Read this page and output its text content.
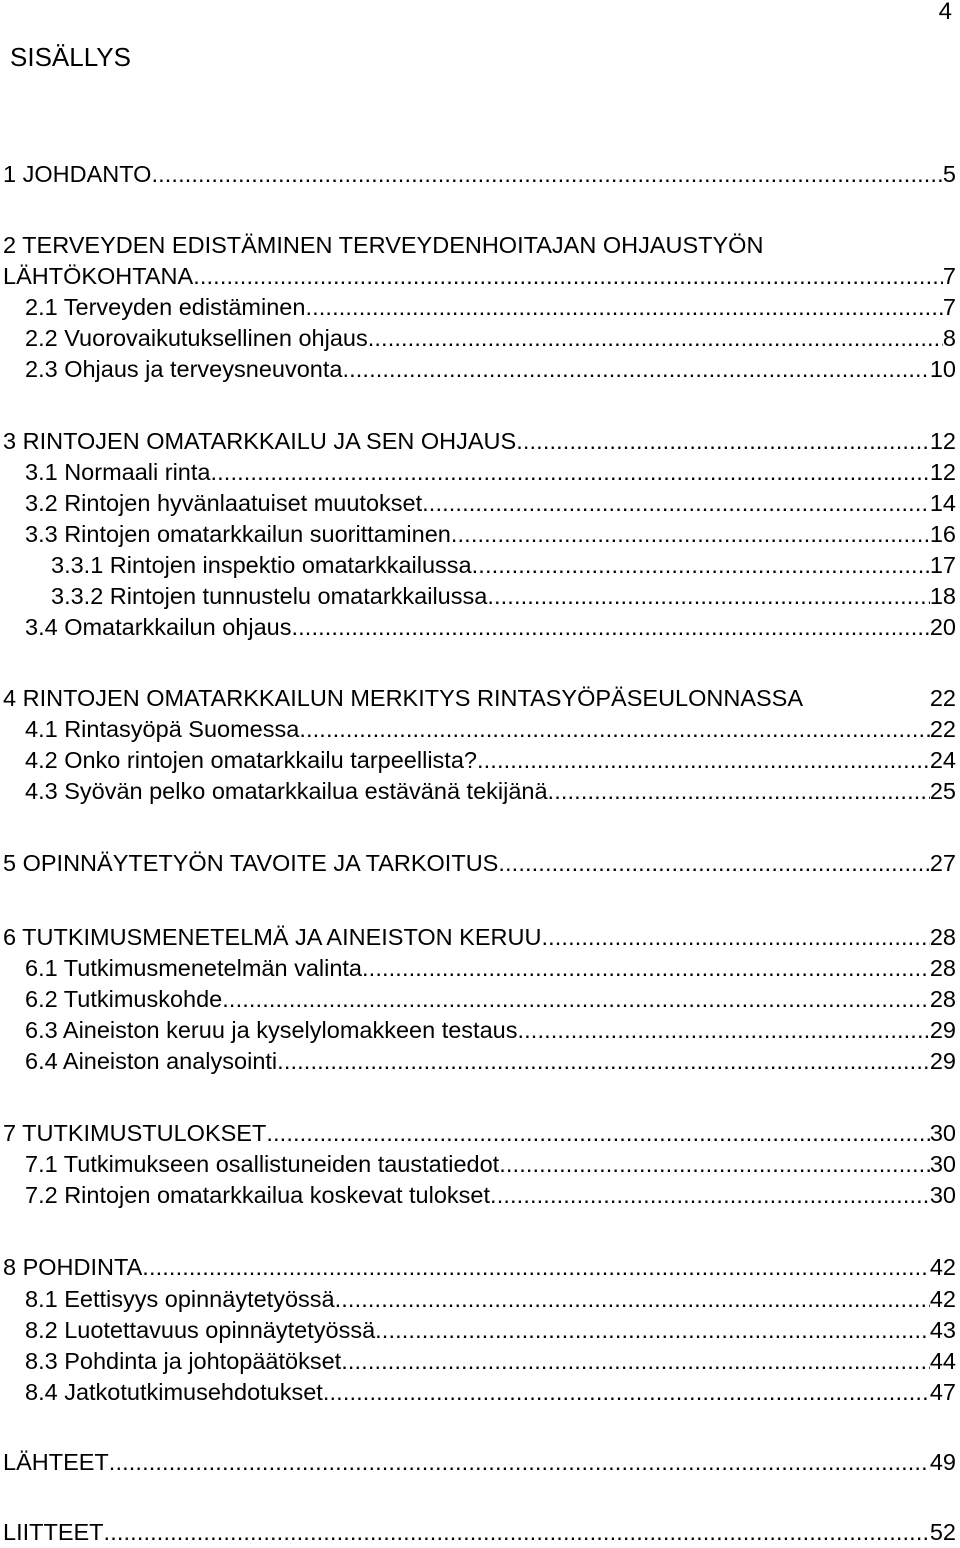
4
SISÄLLYS
1 JOHDANTO . . .	5
2 TERVEYDEN EDISTÄMINEN TERVEYDENHOITAJAN OHJAUSTYÖN
LÄHTÖKOHTANA . . .	7
2.1 Terveyden edistäminen . . .	7
2.2 Vuorovaikutuksellinen ohjaus . . .	8
2.3 Ohjaus ja terveysneuvonta . . .	10
3 RINTOJEN OMATARKKAILU JA SEN OHJAUS . . .	12
3.1 Normaali rinta . . .	12
3.2 Rintojen hyvänlaatuiset muutokset . . .	14
3.3 Rintojen omatarkkailun suorittaminen . . .	16
3.3.1 Rintojen inspektio omatarkkailussa . . .	17
3.3.2 Rintojen tunnustelu omatarkkailussa . . .	18
3.4 Omatarkkailun ohjaus . . .	20
4 RINTOJEN OMATARKKAILUN MERKITYS RINTASYÖPÄSEULONNASSA	22
4.1 Rintasyöpä Suomessa . . .	22
4.2 Onko rintojen omatarkkailu tarpeellista? . . .	24
4.3 Syövän pelko omatarkkailua estävänä tekijänä . . .	25
5 OPINNÄYTETYÖN TAVOITE JA TARKOITUS . . .	27
6 TUTKIMUSMENETELMÄ JA AINEISTON KERUU . . .	28
6.1 Tutkimusmenetelmän valinta . . .	28
6.2 Tutkimuskohde . . .	28
6.3 Aineiston keruu ja kyselylomakkeen testaus . . .	29
6.4 Aineiston analysointi . . .	29
7 TUTKIMUSTULOKSET . . .	30
7.1 Tutkimukseen osallistuneiden taustatiedot . . .	30
7.2 Rintojen omatarkkailua koskevat tulokset . . .	30
8 POHDINTA . . .	42
8.1 Eettisyys opinnäytetyössä . . .	42
8.2 Luotettavuus opinnäytetyössä . . .	43
8.3 Pohdinta ja johtopäätökset . . .	44
8.4 Jatkotutkimusehdotukset . . .	47
LÄHTEET . . .	49
LIITTEET . . .	52
